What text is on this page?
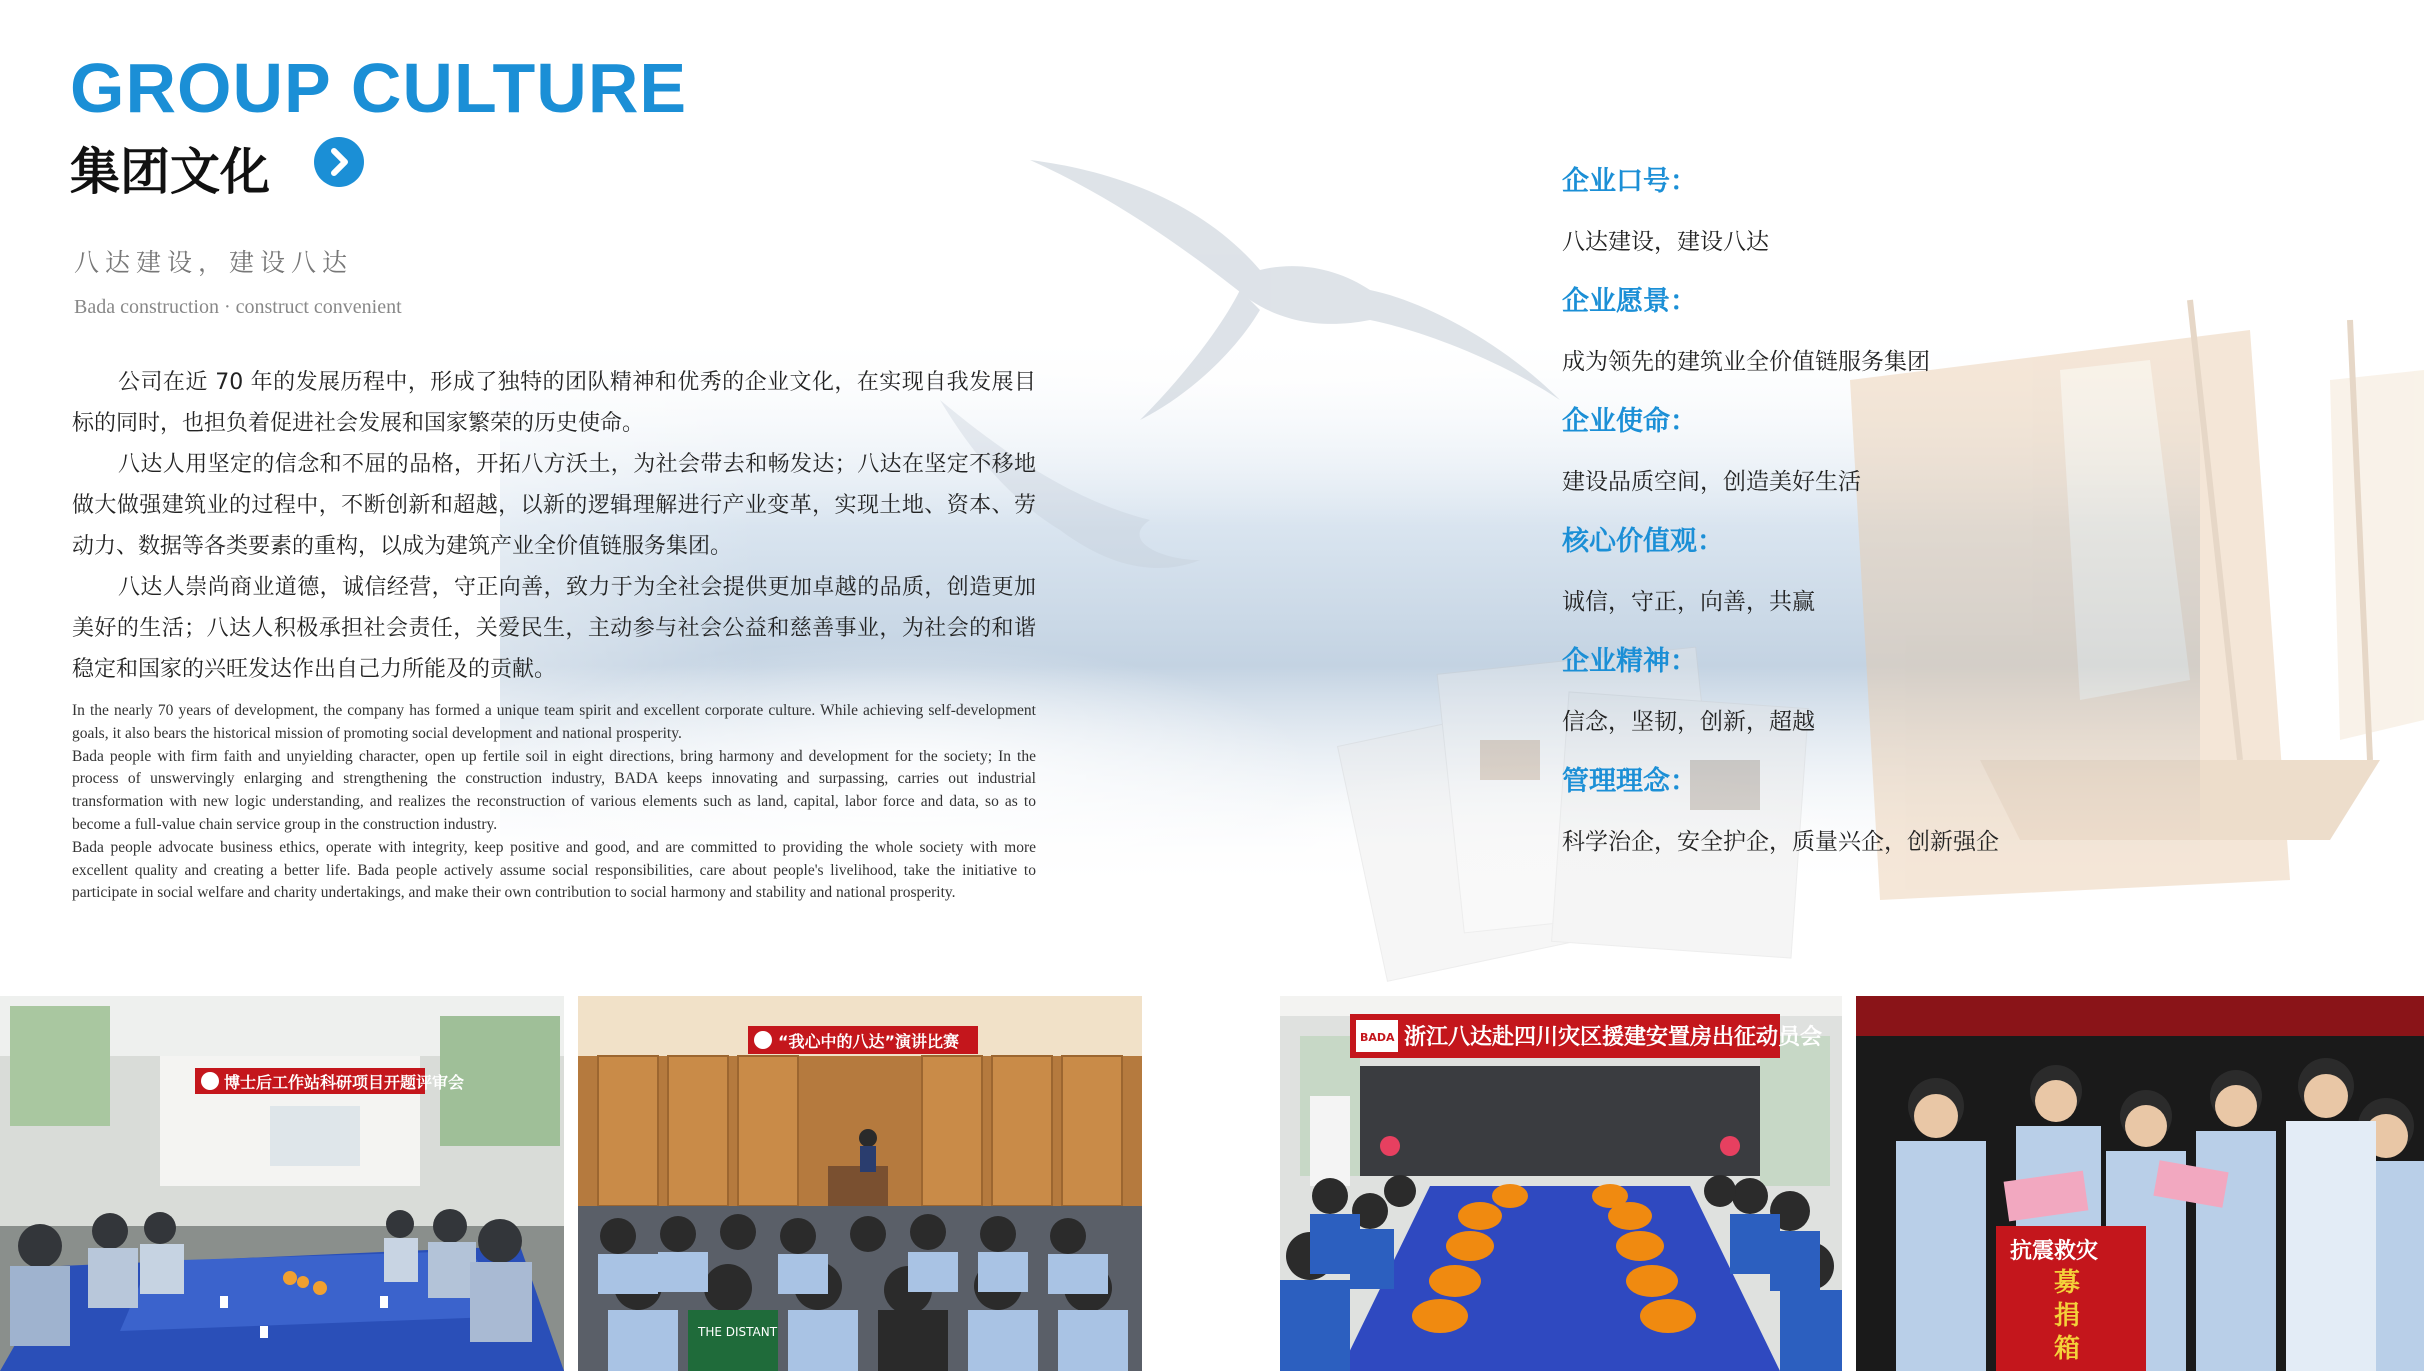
GROUP CULTURE
集团文化
八达建设，建设八达
Bada construction · construct convenient

公司在近 70 年的发展历程中，形成了独特的团队精神和优秀的企业文化，在实现自我发展目标的同时，也担负着促进社会发展和国家繁荣的历史使命。

八达人用坚定的信念和不屈的品格，开拓八方沃土，为社会带去和畅发达；八达在坚定不移地做大做强建筑业的过程中，不断创新和超越，以新的逻辑理解进行产业变革，实现土地、资本、劳动力、数据等各类要素的重构，以成为建筑产业全价值链服务集团。

八达人崇尚商业道德，诚信经营，守正向善，致力于为全社会提供更加卓越的品质，创造更加美好的生活；八达人积极承担社会责任，关爱民生，主动参与社会公益和慈善事业，为社会的和谐稳定和国家的兴旺发达作出自己力所能及的贡献。

In the nearly 70 years of development, the company has formed a unique team spirit and excellent corporate culture. While achieving self-development goals, it also bears the historical mission of promoting social development and national prosperity.

Bada people with firm faith and unyielding character, open up fertile soil in eight directions, bring harmony and development for the society; In the process of unswervingly enlarging and strengthening the construction industry, BADA keeps innovating and surpassing, carries out industrial transformation with new logic understanding, and realizes the reconstruction of various elements such as land, capital, labor force and data, so as to become a full-value chain service group in the construction industry.

Bada people advocate business ethics, operate with integrity, keep positive and good, and are committed to providing the whole society with more excellent quality and creating a better life. Bada people actively assume social responsibilities, care about people's livelihood, take the initiative to participate in social welfare and charity undertakings, and make their own contribution to social harmony and stability and national prosperity.

企业口号：
八达建设，建设八达
企业愿景：
成为领先的建筑业全价值链服务集团
企业使命：
建设品质空间，创造美好生活
核心价值观：
诚信，守正，向善，共赢
企业精神：
信念，坚韧，创新，超越
管理理念：
科学治企，安全护企，质量兴企，创新强企
博士后工作站科研项目开题评审会
“我心中的八达”演讲比赛
THE DISTANT
BADA 浙江八达赴四川灾区援建安置房出征动员会
抗震救灾
募
捐
箱
